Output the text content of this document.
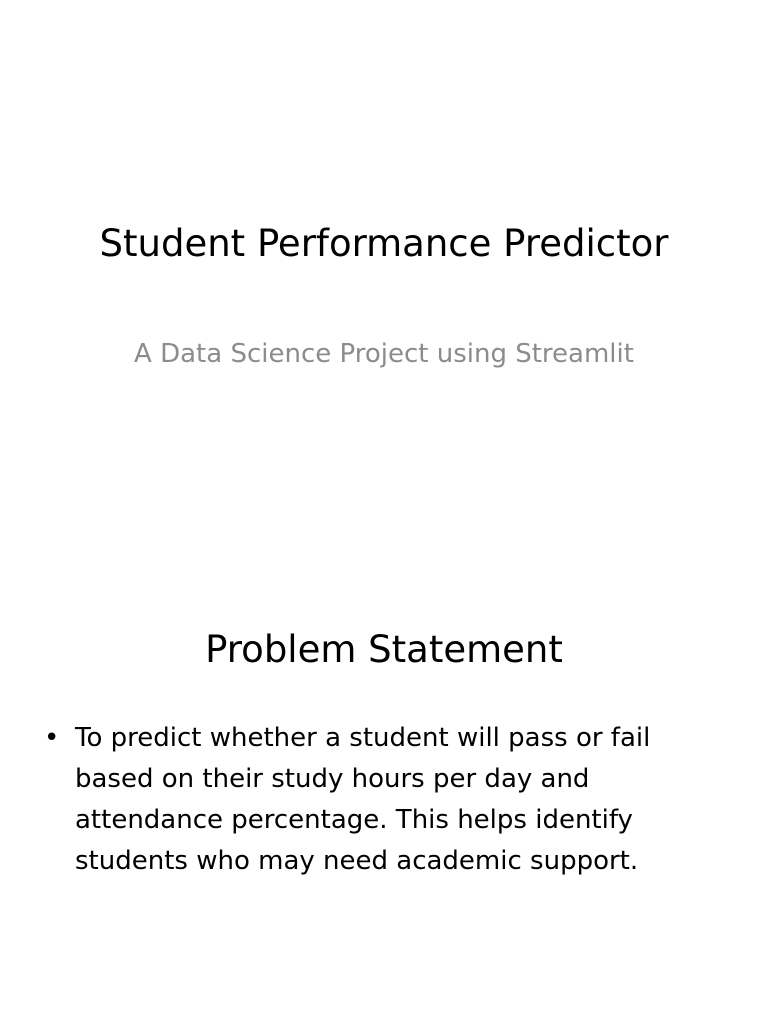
Student Performance Predictor

A Data Science Project using Streamlit

Problem Statement
• To predict whether a student will pass or fail based on their study hours per day and attendance percentage. This helps identify students who may need academic support.
